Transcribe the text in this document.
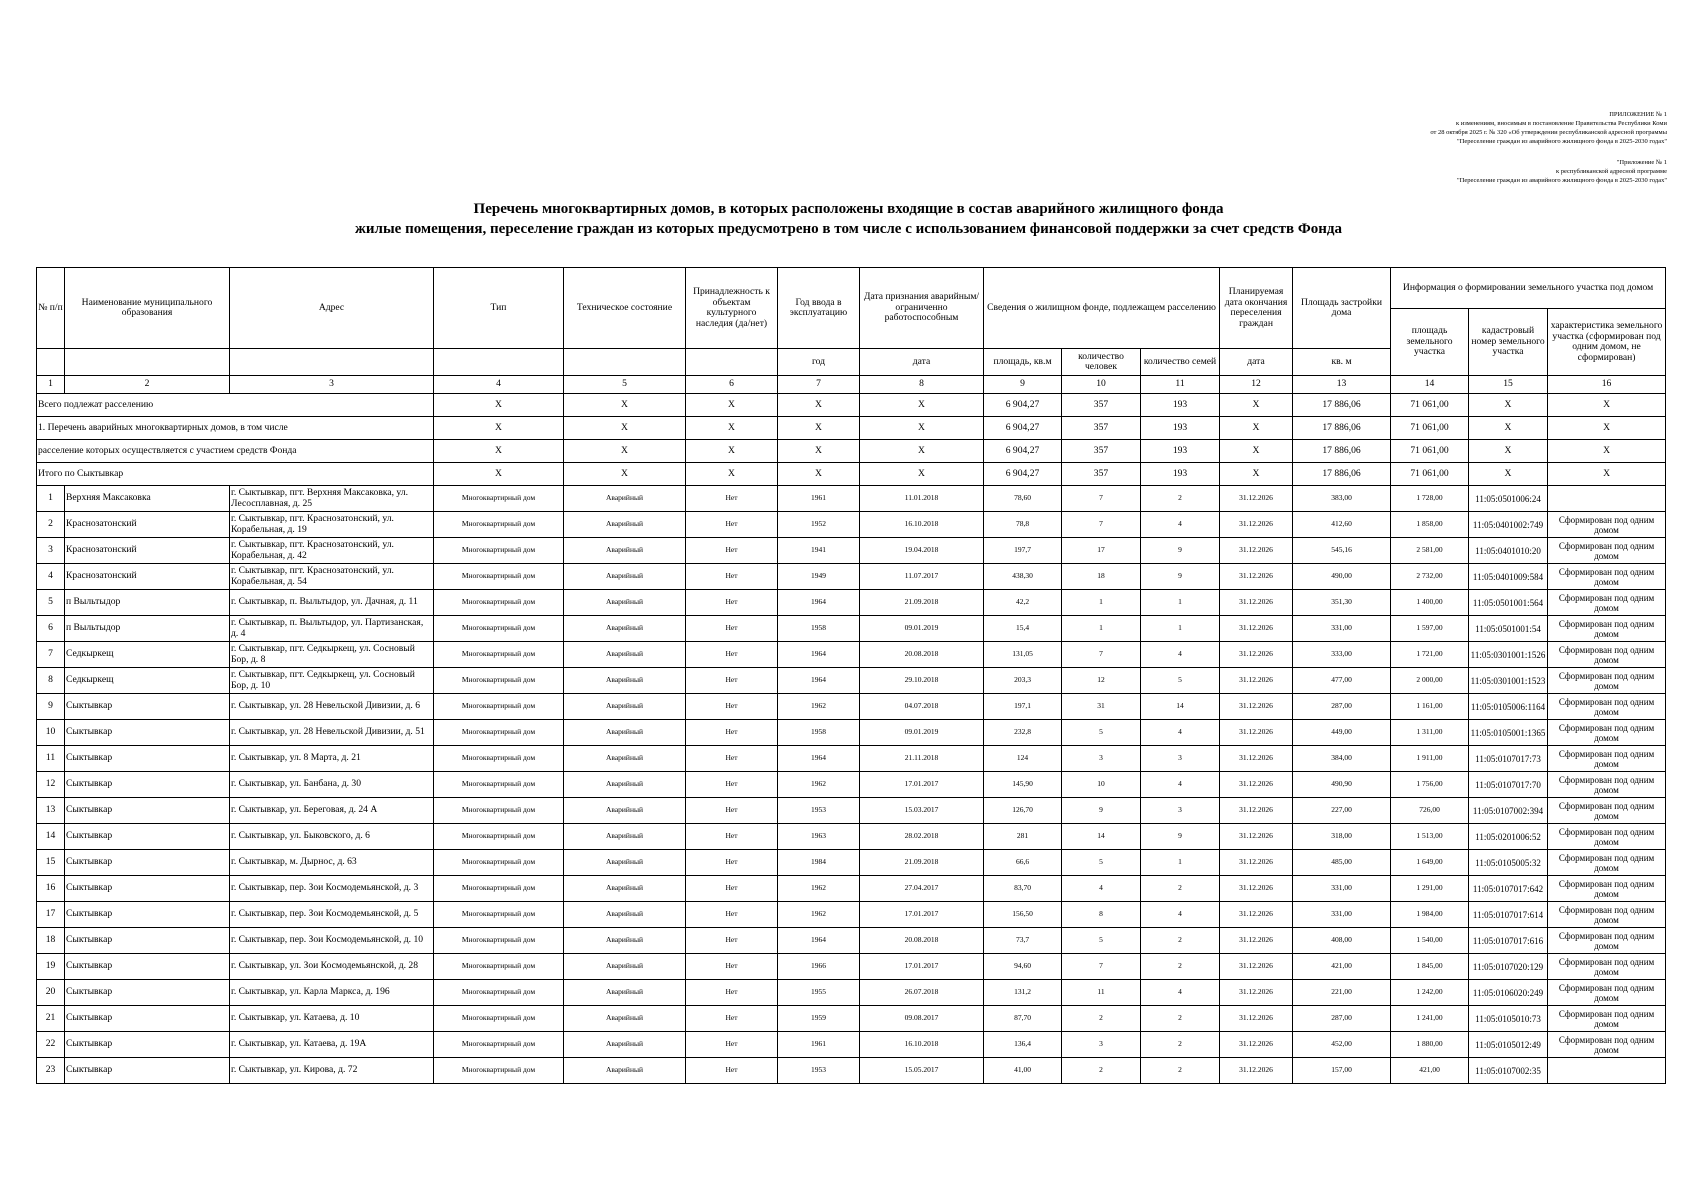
ПРИЛОЖЕНИЕ № 1
к изменениям, вносимым в постановление Правительства Республики Коми
от 28 октября 2025 г. № 320 «Об утверждении республиканской адресной программы
"Переселение граждан из аварийного жилищного фонда в 2025-2030 годах"
"Приложение № 1
к республиканской адресной программе
"Переселение граждан из аварийного жилищного фонда в 2025-2030 годах"
Перечень многоквартирных домов, в которых расположены входящие в состав аварийного жилищного фонда
жилые помещения, переселение граждан из которых предусмотрено в том числе с использованием финансовой поддержки за счет средств Фонда
№ п/п	Наименование муниципального образования	Адрес	Тип	Техническое состояние	Принадлежность к объектам культурного наследия (да/нет)	Год ввода в эксплуатацию	Дата признания аварийным/ограниченно работоспособным	Сведения о жилищном фонде, подлежащем расселению			Планируемая дата окончания переселения граждан	Площадь застройки дома	Информация о формировании земельного участка под домом		
													площадь земельного участка	кадастровый номер земельного участка	характеристика земельного участка (сформирован под одним домом, не сформирован)
						год	дата	площадь, кв.м	количество человек	количество семей	дата	кв. м			
1	2	3	4	5	6	7	8	9	10	11	12	13	14	15	16
Всего подлежат расселению			X	X	X	X	X	6 904,27	357	193	X	17 886,06	71 061,00	X	X
1. Перечень аварийных многоквартирных домов, в том числе			X	X	X	X	X	6 904,27	357	193	X	17 886,06	71 061,00	X	X
расселение которых осуществляется с участием средств Фонда			X	X	X	X	X	6 904,27	357	193	X	17 886,06	71 061,00	X	X
Итого по Сыктывкар			X	X	X	X	X	6 904,27	357	193	X	17 886,06	71 061,00	X	X
1	Верхняя Максаковка	г. Сыктывкар, пгт. Верхняя Максаковка, ул. Лесосплавная, д. 25	Многоквартирный дом	Аварийный	Нет	1961	11.01.2018	78,60	7	2	31.12.2026	383,00	1 728,00	11:05:0501006:24	
2	Краснозатонский	г. Сыктывкар, пгт. Краснозатонский, ул. Корабельная, д. 19	Многоквартирный дом	Аварийный	Нет	1952	16.10.2018	78,8	7	4	31.12.2026	412,60	1 858,00	11:05:0401002:749	Сформирован под одним домом
3	Краснозатонский	г. Сыктывкар, пгт. Краснозатонский, ул. Корабельная, д. 42	Многоквартирный дом	Аварийный	Нет	1941	19.04.2018	197,7	17	9	31.12.2026	545,16	2 581,00	11:05:0401010:20	Сформирован под одним домом
4	Краснозатонский	г. Сыктывкар, пгт. Краснозатонский, ул. Корабельная, д. 54	Многоквартирный дом	Аварийный	Нет	1949	11.07.2017	438,30	18	9	31.12.2026	490,00	2 732,00	11:05:0401009:584	Сформирован под одним домом
5	п Выльтыдор	г. Сыктывкар, п. Выльтыдор, ул. Дачная, д. 11	Многоквартирный дом	Аварийный	Нет	1964	21.09.2018	42,2	1	1	31.12.2026	351,30	1 400,00	11:05:0501001:564	Сформирован под одним домом
6	п Выльтыдор	г. Сыктывкар, п. Выльтыдор, ул. Партизанская, д. 4	Многоквартирный дом	Аварийный	Нет	1958	09.01.2019	15,4	1	1	31.12.2026	331,00	1 597,00	11:05:0501001:54	Сформирован под одним домом
7	Седкыркещ	г. Сыктывкар, пгт. Седкыркещ, ул. Сосновый Бор, д. 8	Многоквартирный дом	Аварийный	Нет	1964	20.08.2018	131,05	7	4	31.12.2026	333,00	1 721,00	11:05:0301001:1526	Сформирован под одним домом
8	Седкыркещ	г. Сыктывкар, пгт. Седкыркещ, ул. Сосновый Бор, д. 10	Многоквартирный дом	Аварийный	Нет	1964	29.10.2018	203,3	12	5	31.12.2026	477,00	2 000,00	11:05:0301001:1523	Сформирован под одним домом
9	Сыктывкар	г. Сыктывкар, ул. 28 Невельской Дивизии, д. 6	Многоквартирный дом	Аварийный	Нет	1962	04.07.2018	197,1	31	14	31.12.2026	287,00	1 161,00	11:05:0105006:1164	Сформирован под одним домом
10	Сыктывкар	г. Сыктывкар, ул. 28 Невельской Дивизии, д. 51	Многоквартирный дом	Аварийный	Нет	1958	09.01.2019	232,8	5	4	31.12.2026	449,00	1 311,00	11:05:0105001:1365	Сформирован под одним домом
11	Сыктывкар	г. Сыктывкар, ул. 8 Марта, д. 21	Многоквартирный дом	Аварийный	Нет	1964	21.11.2018	124	3	3	31.12.2026	384,00	1 911,00	11:05:0107017:73	Сформирован под одним домом
12	Сыктывкар	г. Сыктывкар, ул. Банбана, д. 30	Многоквартирный дом	Аварийный	Нет	1962	17.01.2017	145,90	10	4	31.12.2026	490,90	1 756,00	11:05:0107017:70	Сформирован под одним домом
13	Сыктывкар	г. Сыктывкар, ул. Береговая, д. 24 А	Многоквартирный дом	Аварийный	Нет	1953	15.03.2017	126,70	9	3	31.12.2026	227,00	726,00	11:05:0107002:394	Сформирован под одним домом
14	Сыктывкар	г. Сыктывкар, ул. Быковского, д. 6	Многоквартирный дом	Аварийный	Нет	1963	28.02.2018	281	14	9	31.12.2026	318,00	1 513,00	11:05:0201006:52	Сформирован под одним домом
15	Сыктывкар	г. Сыктывкар, м. Дырнос, д. 63	Многоквартирный дом	Аварийный	Нет	1984	21.09.2018	66,6	5	1	31.12.2026	485,00	1 649,00	11:05:0105005:32	Сформирован под одним домом
16	Сыктывкар	г. Сыктывкар, пер. Зои Космодемьянской, д. 3	Многоквартирный дом	Аварийный	Нет	1962	27.04.2017	83,70	4	2	31.12.2026	331,00	1 291,00	11:05:0107017:642	Сформирован под одним домом
17	Сыктывкар	г. Сыктывкар, пер. Зои Космодемьянской, д. 5	Многоквартирный дом	Аварийный	Нет	1962	17.01.2017	156,50	8	4	31.12.2026	331,00	1 984,00	11:05:0107017:614	Сформирован под одним домом
18	Сыктывкар	г. Сыктывкар, пер. Зои Космодемьянской, д. 10	Многоквартирный дом	Аварийный	Нет	1964	20.08.2018	73,7	5	2	31.12.2026	408,00	1 540,00	11:05:0107017:616	Сформирован под одним домом
19	Сыктывкар	г. Сыктывкар, ул. Зои Космодемьянской, д. 28	Многоквартирный дом	Аварийный	Нет	1966	17.01.2017	94,60	7	2	31.12.2026	421,00	1 845,00	11:05:0107020:129	Сформирован под одним домом
20	Сыктывкар	г. Сыктывкар, ул. Карла Маркса, д. 196	Многоквартирный дом	Аварийный	Нет	1955	26.07.2018	131,2	11	4	31.12.2026	221,00	1 242,00	11:05:0106020:249	Сформирован под одним домом
21	Сыктывкар	г. Сыктывкар, ул. Катаева, д. 10	Многоквартирный дом	Аварийный	Нет	1959	09.08.2017	87,70	2	2	31.12.2026	287,00	1 241,00	11:05:0105010:73	Сформирован под одним домом
22	Сыктывкар	г. Сыктывкар, ул. Катаева, д. 19А	Многоквартирный дом	Аварийный	Нет	1961	16.10.2018	136,4	3	2	31.12.2026	452,00	1 880,00	11:05:0105012:49	Сформирован под одним домом
23	Сыктывкар	г. Сыктывкар, ул. Кирова, д. 72	Многоквартирный дом	Аварийный	Нет	1953	15.05.2017	41,00	2	2	31.12.2026	157,00	421,00	11:05:0107002:35	
